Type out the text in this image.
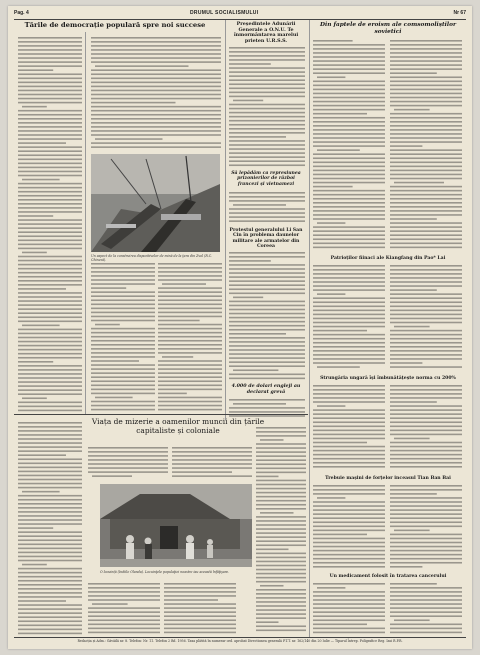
Pag. 4	DRUMUL SOCIALISMULUI	Nr 67
Tările de democrație populară spre noi succese	Președintele Adunării Generale a O.N.U. Te înmormântarea marelui prieten U.R.S.S.
Din faptele de eroism ale comsomoliștilor sovietici
Să lepădăm ca represiunea prizonierilor de război francezi și vietnamezi
Protestul generalului Li San Cin în problema daunelor militare ale armatelor din Coreea
4.000 de dolari engleji au declarat grevă
Patrioților fiinaci ale Kiangfang din Pao* Lai
Strungăria ungară își îmbunătățește norma cu 200%
Trebuie mașini de forțelor inceasul Tian Ban Bai
Un medicament folosit în tratarea cancerului
Viața de mizerie a oamenilor muncii din țările capitaliste și coloniale
Un aspect de la construirea dispozitivelor de mină de la ţara din Zvol (R.C. Chineză).
O locuință (Indiile Olanda). Locuinţele populaţiei noastre iau această înfăţişare.
Redacția și Adm.: Găvăilă nr. 8. Telefon: Nr. 11. Telefon 2 Bd. 1956. Taxa plătită în numerar ord. aprobat Directiunea generală P.T.T. nr. 162/140 din 20 Iulie — Tiparul Întrep. Poligrafice Reg. Iasi R.P.R.
